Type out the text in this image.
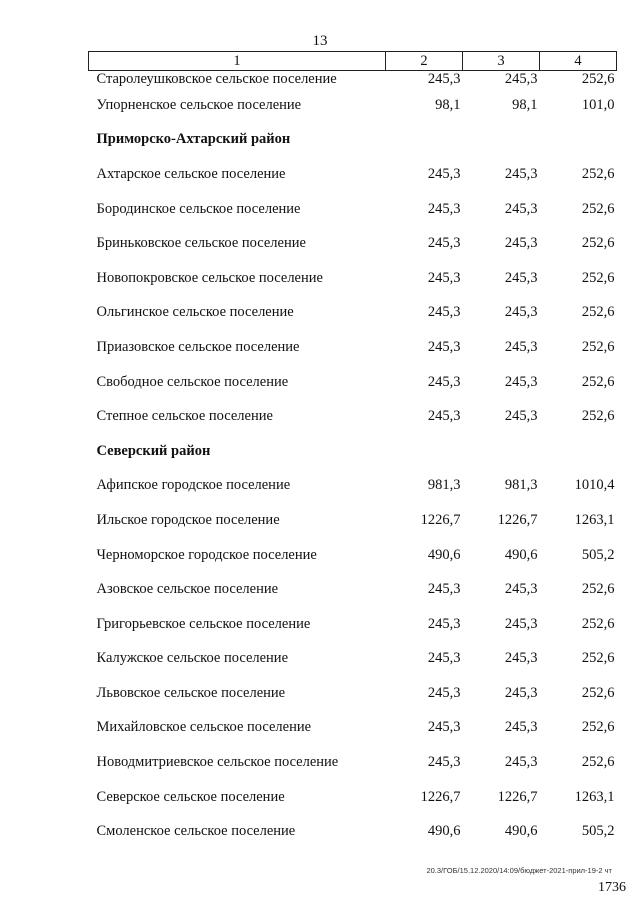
13
1	2	3	4
Старолеушковское сельское поселение	245,3	245,3	252,6
Упорненское сельское поселение	98,1	98,1	101,0
Приморско-Ахтарский район			
Ахтарское сельское поселение	245,3	245,3	252,6
Бородинское сельское поселение	245,3	245,3	252,6
Бриньковское сельское поселение	245,3	245,3	252,6
Новопокровское сельское поселение	245,3	245,3	252,6
Ольгинское сельское поселение	245,3	245,3	252,6
Приазовское сельское поселение	245,3	245,3	252,6
Свободное сельское поселение	245,3	245,3	252,6
Степное сельское поселение	245,3	245,3	252,6
Северский район			
Афипское городское поселение	981,3	981,3	1010,4
Ильское городское поселение	1226,7	1226,7	1263,1
Черноморское городское поселение	490,6	490,6	505,2
Азовское сельское поселение	245,3	245,3	252,6
Григорьевское сельское поселение	245,3	245,3	252,6
Калужское сельское поселение	245,3	245,3	252,6
Львовское сельское поселение	245,3	245,3	252,6
Михайловское сельское поселение	245,3	245,3	252,6
Новодмитриевское сельское поселение	245,3	245,3	252,6
Северское сельское поселение	1226,7	1226,7	1263,1
Смоленское сельское поселение	490,6	490,6	505,2
20.3/ГОБ/15.12.2020/14:09/бюджет-2021-прил-19-2 чт
1736
